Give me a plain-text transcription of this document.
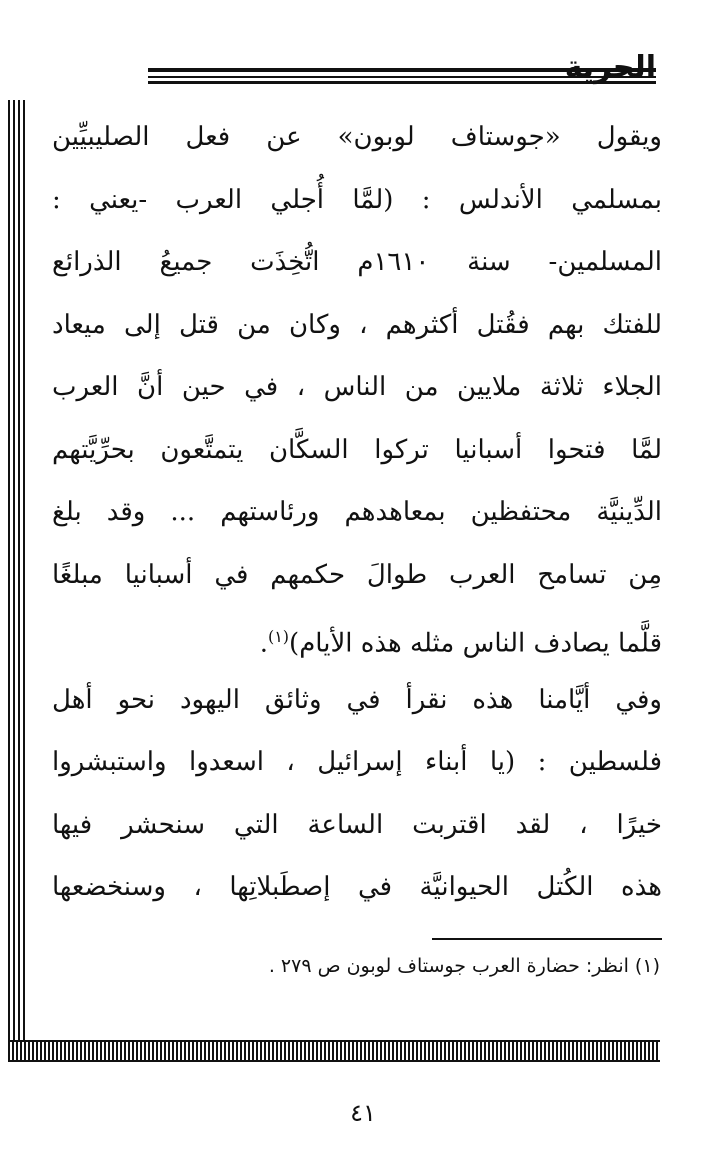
ويقول «جوستاف لوبون» عن فعل الصليبيِّين
بمسلمي الأندلس : (لمَّا أُجلي العرب -يعني :
المسلمين- سنة ١٦١٠م اتُّخِذَت جميعُ الذرائع
للفتك بهم فقُتل أكثرهم ، وكان من قتل إلى ميعاد
الجلاء ثلاثة ملايين من الناس ، في حين أنَّ العرب
لمَّا فتحوا أسبانيا تركوا السكَّان يتمتَّعون بحرِّيَّتهم
الدِّينيَّة محتفظين بمعاهدهم ورئاستهم ... وقد بلغ
مِن تسامح العرب طوالَ حكمهم في أسبانيا مبلغًا
قلَّما يصادف الناس مثله هذه الأيام)$^{(١)}$.
وفي أيَّامنا هذه نقرأ في وثائق اليهود نحو أهل
فلسطين : (يا أبناء إسرائيل ، اسعدوا واستبشروا
خيرًا ، لقد اقتربت الساعة التي سنحشر فيها
هذه الكُتل الحيوانيَّة في إصطَبلاتِها ، وسنخضعها
(١) انظر: حضارة العرب جوستاف لوبون ص ٢٧٩ .
٤١
